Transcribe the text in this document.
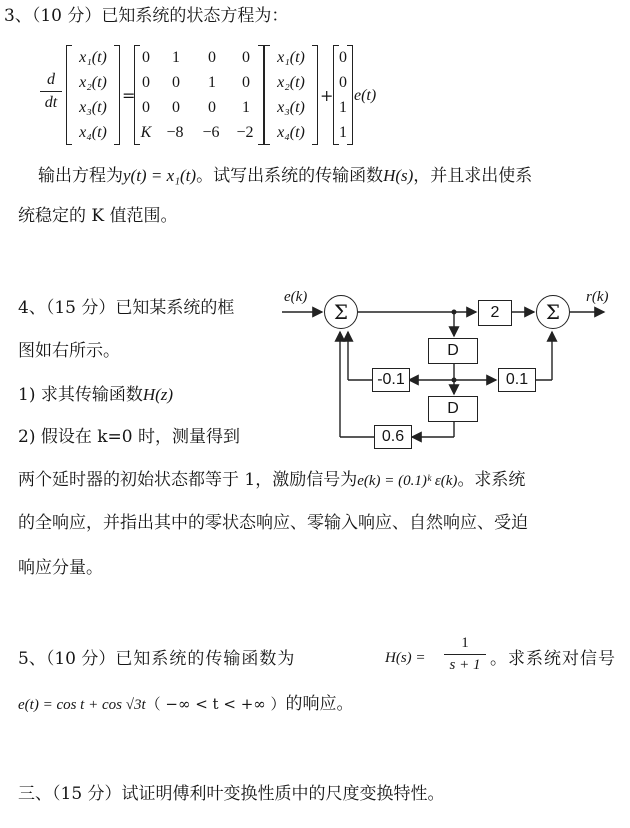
3、（10 分）已知系统的状态方程为：
d
dt
x₁(t)
x₂(t)
x₃(t)
x₄(t)
=
0	1	0	0
0	0	1	0
0	0	0	1
K −8	−6	−2
x₁(t)
x₂(t)
x₃(t)
x₄(t)
+
0
0
1
1
e(t)
输出方程为y(t) = x₁(t)。试写出系统的传输函数H(s)，并且求出使系
统稳定的 K 值范围。
4、（15 分）已知某系统的框
图如右所示。
1) 求其传输函数H(z)
2) 假设在 k=0 时，测量得到
两个延时器的初始状态都等于 1，激励信号为e(k) = (0.1)ᵏ ε(k)。求系统
的全响应，并指出其中的零状态响应、零输入响应、自然响应、受迫
响应分量。
e(k)	r(k)
Σ	Σ
2
D
-0.1	0.1
D
0.6
5、（10 分）已知系统的传输函数为	H(s) =
1
s + 1 。求系统对信号
e(t) = cos t + cos √3t（ −∞ < t < +∞ ）的响应。
三、（15 分）试证明傅利叶变换性质中的尺度变换特性。
